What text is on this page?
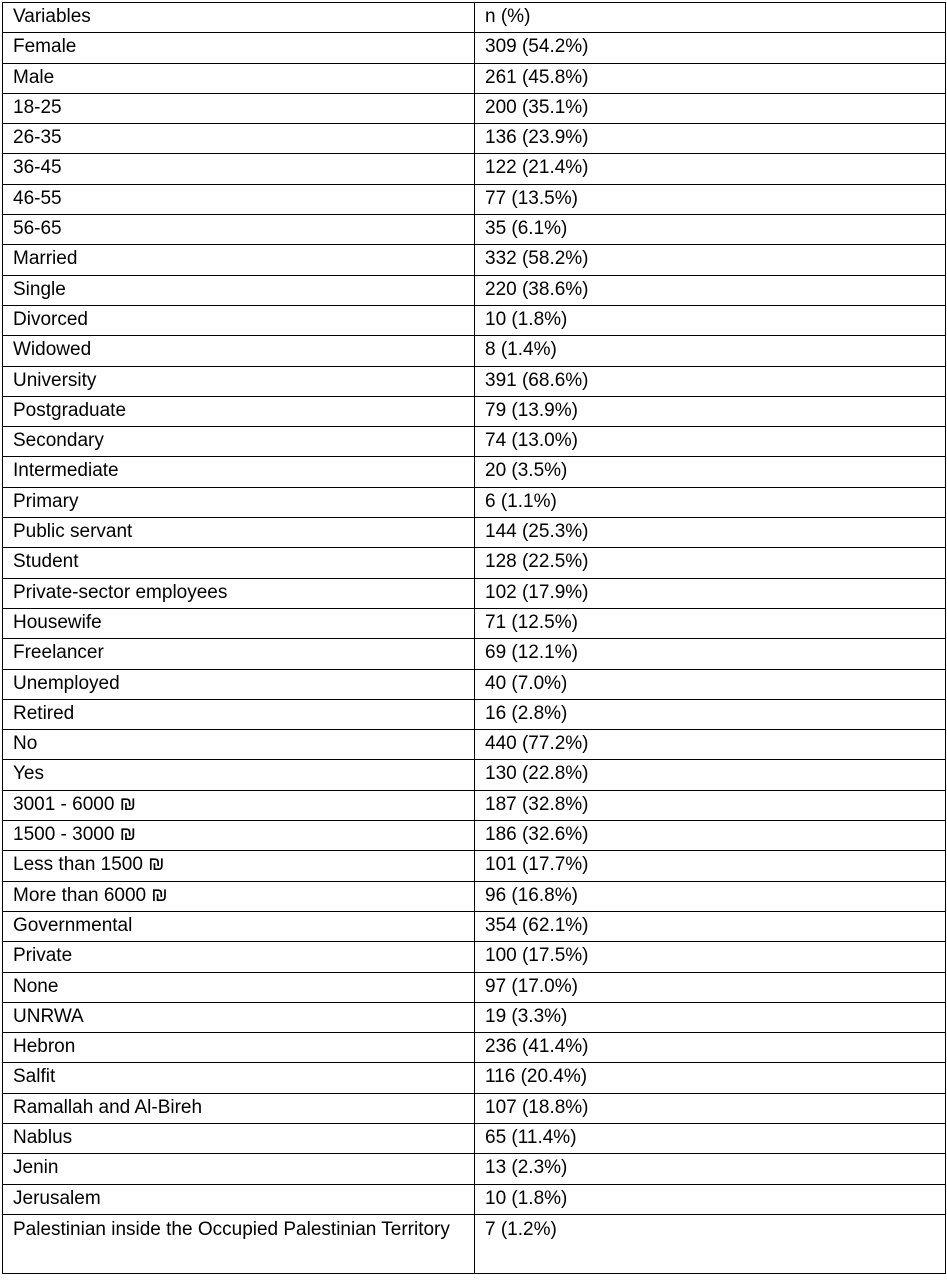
Variables	n (%)
Female	309 (54.2%)
Male	261 (45.8%)
18-25	200 (35.1%)
26-35	136 (23.9%)
36-45	122 (21.4%)
46-55	77 (13.5%)
56-65	35 (6.1%)
Married	332 (58.2%)
Single	220 (38.6%)
Divorced	10 (1.8%)
Widowed	8 (1.4%)
University	391 (68.6%)
Postgraduate	79 (13.9%)
Secondary	74 (13.0%)
Intermediate	20 (3.5%)
Primary	6 (1.1%)
Public servant	144 (25.3%)
Student	128 (22.5%)
Private-sector employees	102 (17.9%)
Housewife	71 (12.5%)
Freelancer	69 (12.1%)
Unemployed	40 (7.0%)
Retired	16 (2.8%)
No	440 (77.2%)
Yes	130 (22.8%)
3001 - 6000 ₪	187 (32.8%)
1500 - 3000 ₪	186 (32.6%)
Less than 1500 ₪	101 (17.7%)
More than 6000 ₪	96 (16.8%)
Governmental	354 (62.1%)
Private	100 (17.5%)
None	97 (17.0%)
UNRWA	19 (3.3%)
Hebron	236 (41.4%)
Salfit	116 (20.4%)
Ramallah and Al-Bireh	107 (18.8%)
Nablus	65 (11.4%)
Jenin	13 (2.3%)
Jerusalem	10 (1.8%)
Palestinian inside the Occupied Palestinian Territory	7 (1.2%)
